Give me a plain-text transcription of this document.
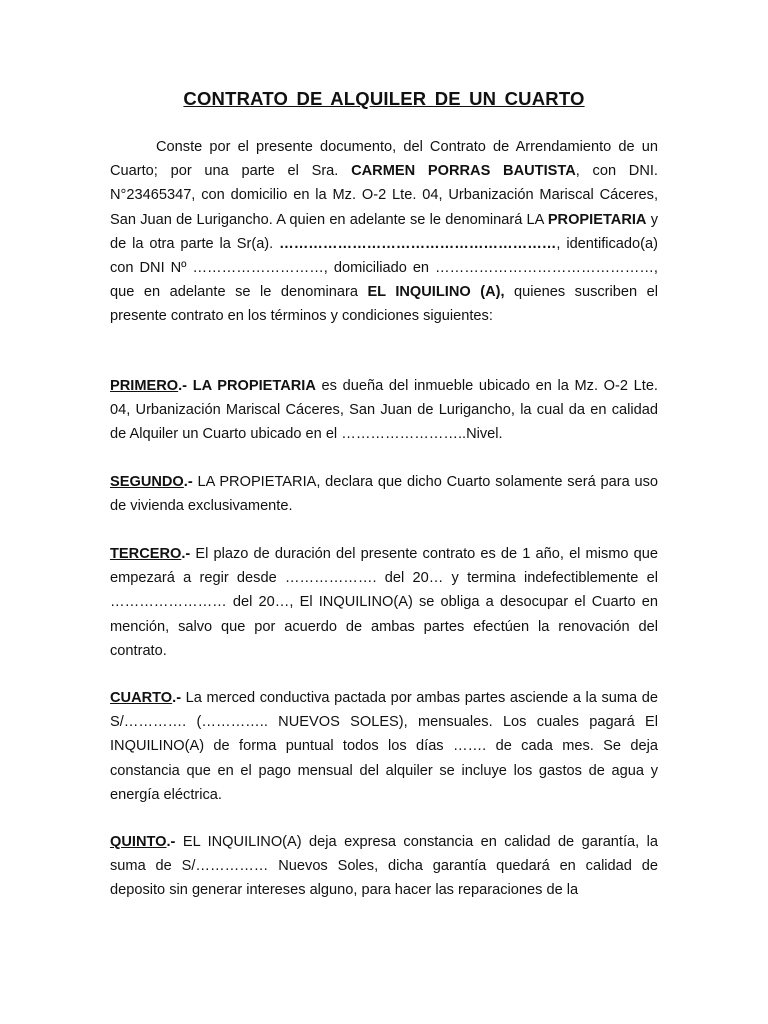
CONTRATO DE ALQUILER DE UN CUARTO

Conste por el presente documento, del Contrato de Arrendamiento de un Cuarto; por una parte el Sra. CARMEN PORRAS BAUTISTA, con DNI. N°23465347, con domicilio en la Mz. O-2 Lte. 04, Urbanización Mariscal Cáceres, San Juan de Lurigancho. A quien en adelante se le denominará LA PROPIETARIA y de la otra parte la Sr(a). …………………………………………………, identificado(a) con DNI Nº ………………………, domiciliado en ………………………………………, que en adelante se le denominara EL INQUILINO (A), quienes suscriben el presente contrato en los términos y condiciones siguientes:

PRIMERO.- LA PROPIETARIA es dueña del inmueble ubicado en la Mz. O-2 Lte. 04, Urbanización Mariscal Cáceres, San Juan de Lurigancho, la cual da en calidad de Alquiler un Cuarto ubicado en el ……………………..Nivel.

SEGUNDO.- LA PROPIETARIA, declara que dicho Cuarto solamente será para uso de vivienda exclusivamente.

TERCERO.- El plazo de duración del presente contrato es de 1 año, el mismo que empezará a regir desde ………………. del 20… y termina indefectiblemente el …………………… del 20…, El INQUILINO(A) se obliga a desocupar el Cuarto en mención, salvo que por acuerdo de ambas partes efectúen la renovación del contrato.

CUARTO.- La merced conductiva pactada por ambas partes asciende a la suma de S/…………. (………….. NUEVOS SOLES), mensuales. Los cuales pagará El INQUILINO(A) de forma puntual todos los días ……. de cada mes. Se deja constancia que en el pago mensual del alquiler se incluye los gastos de agua y energía eléctrica.

QUINTO.- EL INQUILINO(A) deja expresa constancia en calidad de garantía, la suma de S/…………… Nuevos Soles, dicha garantía quedará en calidad de deposito sin generar intereses alguno, para hacer las reparaciones de la
